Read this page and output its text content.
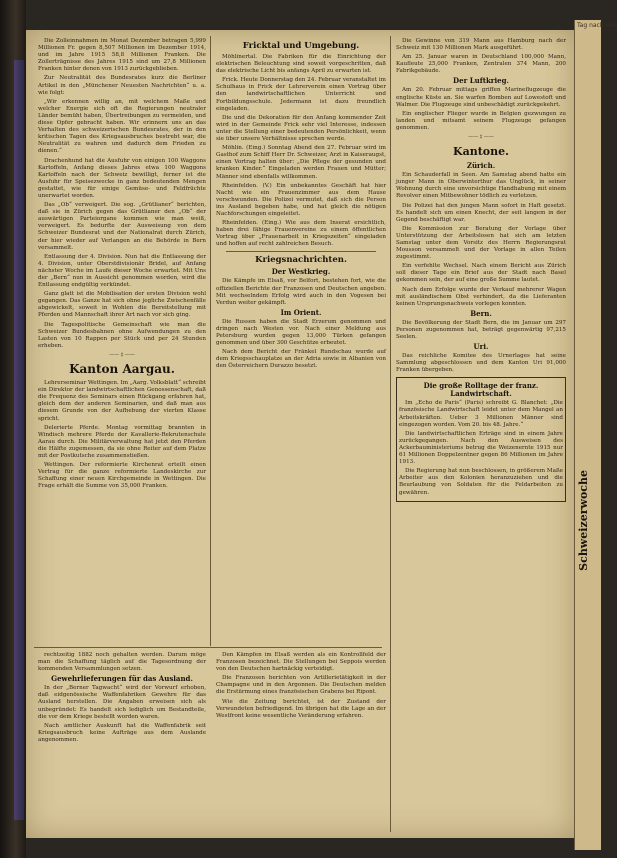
Die Zolleinnahmen im Monat Dezember betragen 5,999 Millionen Fr. gegen 8,507 Millionen im Dezember 1914, und im Jahre 1915 58,8 Millionen Franken. Die Zollerträgnisse des Jahres 1915 sind um 27,8 Millionen Franken hinter denen von 1913 zurückgeblieben.

Zur Neutralität des Bundesrates kurz die Berliner Artikel in den „Münchener Neuesten Nachrichten“ u. a. wie folgt:

„Wir erkennen willig an, mit welchem Maße und welcher Energie sich oft die Regierungen neutraler Länder bemüht haben, Übertreibungen zu vermeiden, und diese Opfer gebracht haben. Wir erinnern uns an das Verhalten des schweizerischen Bundesrates, der in den kritischen Tagen des Kriegsausbruches bestrebt war, die Neutralität zu wahren und dadurch dem Frieden zu dienen.“

Drachenhund hat die Ausfuhr von einigen 100 Waggons Kartoffeln, Anfang dieses Jahres etwa 100 Waggons Kartoffeln nach der Schweiz bewilligt, ferner ist die Ausfuhr für Speisezwecke in ganz bedeutenden Mengen gestattet, wie für einige Gemüse- und Feldfrüchte unerwartet worden.

Das „Ob“ verweigert. Die sog. „Grütlianer“ berichten, daß sie in Zürich gegen das Grütlianer den „Ob“ der auswärtigen Parteiorgane kommen wie man weiß, verweigert. Es bedurfte der Ausweisung von dem Schweizer Bundesrat und der Nationalrat durch Zürich, der hier wieder auf Verlangen an die Behörde in Bern versammelt.

Entlassung der 4. Division. Nun hat die Entlassung der 4. Division, unter Oberstdivisionär Bridel, auf Anfang nächster Woche im Laufe dieser Woche erwartet. Mit Uns der „Bern“ nun in Aussicht genommen worden, wird die Entlassung endgültig verkündet.

Ganz glatt ist die Mobilisation der ersten Division wohl gegangen. Das Ganze hat sich ohne jegliche Zwischenfälle abgewickelt, soweit in Wohlen die Bereitstellung mit Pferden und Mannschaft ihrer Art nach vor sich ging.

Die Tagespolitische Gemeinschaft wie man die Schweizer Bundesbahnen ohne Aufwendungen zu den Lasten von 10 Rappen per Stück und per 24 Stunden erheben.

—— ‡ ——
Kanton Aargau.

Lehrerseminar Wettingen. Im „Aarg. Volksblatt“ schreibt ein Direktor der landwirtschaftlichen Genossenschaft, daß die Frequenz des Seminars einen Rückgang erfahren hat, gleich dem der anderen Seminarien, und daß man aus diesem Grunde von der Aufhebung der vierten Klasse spricht.

Delerierte Pferde. Montag vormittag brannten in Windisch mehrere Pferde der Kavallerie-Rekrutenschule Aarau durch. Die Militärverwaltung hat jetzt den Pferden die Hälfte zugemessen, da sie ohne Reiter auf dem Platze mit der Postkutsche zusammenstießen.

Wettingen. Der reformierte Kirchenrat erteilt einen Vertrag für die ganze reformierte Landeskirche zur Schaffung einer neuen Kirchgemeinde in Wettingen. Die Frage erhält die Summe von 35,000 Franken.

Fricktal und Umgebung.

Möhlinertal. Die Fabriken für die Einrichtung der elektrischen Beleuchtung sind soweit vorgeschritten, daß das elektrische Licht bis anfangs April zu erwarten ist.

Frick. Heute Donnerstag den 24. Februar veranstaltet im Schulhaus in Frick der Lehrerverein einen Vortrag über den landwirtschaftlichen Unterricht und Fortbildungsschule. Jedermann ist dazu freundlich eingeladen.

Die und die Dekoration für den Anfang kommender Zeit wird in der Gemeinde Frick sehr viel Interesse, indessen unter die Stellung einer bedeutenden Persönlichkeit, wenn sie über unsere Verhältnisse sprechen werde.

Möhlin. (Eing.) Sonntag Abend den 27. Februar wird im Gasthof zum Schiff Herr Dr. Schweizer, Arzt in Kaiseraugst, einen Vortrag halten über: „Die Pflege der gesunden und kranken Kinder.“ Eingeladen werden Frauen und Mütter; Männer sind ebenfalls willkommen.

Rheinfelden. (V.) Ein unbekanntes Geschäft hat hier Nacht wie ein Frauenzimmer aus dem Hause verschwunden. Die Polizei vermutet, daß sich die Person ins Ausland begeben habe, und hat gleich die nötigen Nachforschungen eingeleitet.

Rheinfelden. (Eing.) Wie aus dem Inserat ersichtlich, haben drei fähige Frauenvereine zu einem öffentlichen Vortrag über „Frauenarbeit in Kriegszeiten“ eingeladen und hoffen auf recht zahlreichen Besuch.

Kriegsnachrichten.
Der Westkrieg.

Die Kämpfe im Elsaß, vor Belfort, bestehen fort, wie die offiziellen Berichte der Franzosen und Deutschen angeben. Mit wechselndem Erfolg wird auch in den Vogesen bei Verdun weiter gekämpft.

Im Orient.

Die Russen haben die Stadt Erzerum genommen und dringen nach Westen vor. Nach einer Meldung aus Petersburg wurden gegen 13,000 Türken gefangen genommen und über 300 Geschütze erbeutet.

Nach dem Bericht der Fränkel Rundschau wurde auf dem Kriegsschauplatze an der Adria sowie in Albanien von den Österreichern Durazzo besetzt.

Die Gewinne von 319 Mann aus Hamburg nach der Schweiz mit 130 Millionen Mark ausgeführt.

Am 25. Januar waren in Deutschland 100,000 Mann, Kaufleute 25,000 Franken, Zentralen 374 Mann, 200 Fabrikgebäude.

Der Luftkrieg.

Am 20. Februar mittags griffen Marineflugzeuge die englische Küste an. Sie warfen Bomben auf Lowestoft und Walmer. Die Flugzeuge sind unbeschädigt zurückgekehrt.

Ein englischer Flieger wurde in Belgien gezwungen zu landen und mitsamt seinem Flugzeuge gefangen genommen.

—— ‡ ——
Kantone.
Zürich.

Ein Schauderfall in Seen. Am Samstag abend hatte ein junger Mann in Oberwinterthur das Unglück, in seiner Wohnung durch eine unvorsichtige Handhabung mit einem Revolver einen Mitbewohner tödlich zu verletzen.

Die Polizei hat den jungen Mann sofort in Haft gesetzt. Es handelt sich um einen Knecht, der seit langem in der Gegend beschäftigt war.

Die Kommission zur Beratung der Vorlage über Unterstützung der Arbeitslosen hat sich am letzten Samstag unter dem Vorsitz des Herrn Regierungsrat Mousson versammelt und der Vorlage in allen Teilen zugestimmt.

Ein verfehlte Wechsel. Nach einem Bericht aus Zürich soll dieser Tage ein Brief aus der Stadt nach Basel gekommen sein, der auf eine große Summe lautet.

Nach dem Erfolge wurde der Verkauf mehrerer Wagen mit ausländischem Obst verhindert, da die Lieferanten keinen Ursprungsnachweis vorlegen konnten.

Bern.

Die Bevölkerung der Stadt Bern, die im Januar um 297 Personen zugenommen hat, beträgt gegenwärtig 97,215 Seelen.

Uri.

Das reichliche Komitee des Urnerlages hat seine Sammlung abgeschlossen und dem Kanton Uri 91,000 Franken übergeben.

Die große Rolltage der franz. Landwirtschaft.

Im „Echo de Paris“ (Paris) schreibt G. Blanchet: „Die französische Landwirtschaft leidet unter dem Mangel an Arbeitskräften. Ueber 3 Millionen Männer sind eingezogen worden. Vom 20. bis 48. Jahre.“

Die landwirtschaftlichen Erträge sind in einem Jahre zurückgegangen. Nach den Ausweisen des Ackerbauministeriums betrug die Weizenernte 1915 nur 61 Millionen Doppelzentner gegen 86 Millionen im Jahre 1913.

Die Regierung hat nun beschlossen, in größerem Maße Arbeiter aus den Kolonien heranzuziehen und die Beurlaubung von Soldaten für die Feldarbeiten zu gewähren.

rechtzeitig 1882 noch gehalten werden. Darum möge man die Schaffung täglich auf die Tagesordnung der kommenden Versammlungen setzen.

Gewehrlieferungen für das Ausland.

In der „Berner Tagwacht“ wird der Vorwurf erhoben, daß eidgenössische Waffenfabriken Gewehre für das Ausland herstellen. Die Angaben erweisen sich als unbegründet: Es handelt sich lediglich um Bestandteile, die vor dem Kriege bestellt worden waren.

Nach amtlicher Auskunft hat die Waffenfabrik seit Kriegsausbruch keine Aufträge aus dem Auslande angenommen.

Den Kämpfen im Elsaß werden als ein Kontrollfeld der Franzosen bezeichnet. Die Stellungen bei Seppois werden von den Deutschen hartnäckig verteidigt.

Die Franzosen berichten von Artillerietätigkeit in der Champagne und in den Argonnen. Die Deutschen melden die Erstürmung eines französischen Grabens bei Ripont.

Wie die Zeitung berichtet, ist der Zustand der Verwundeten befriedigend. Im übrigen hat die Lage an der Westfront keine wesentliche Veränderung erfahren.

Tag nach den
Schweizerwoche
